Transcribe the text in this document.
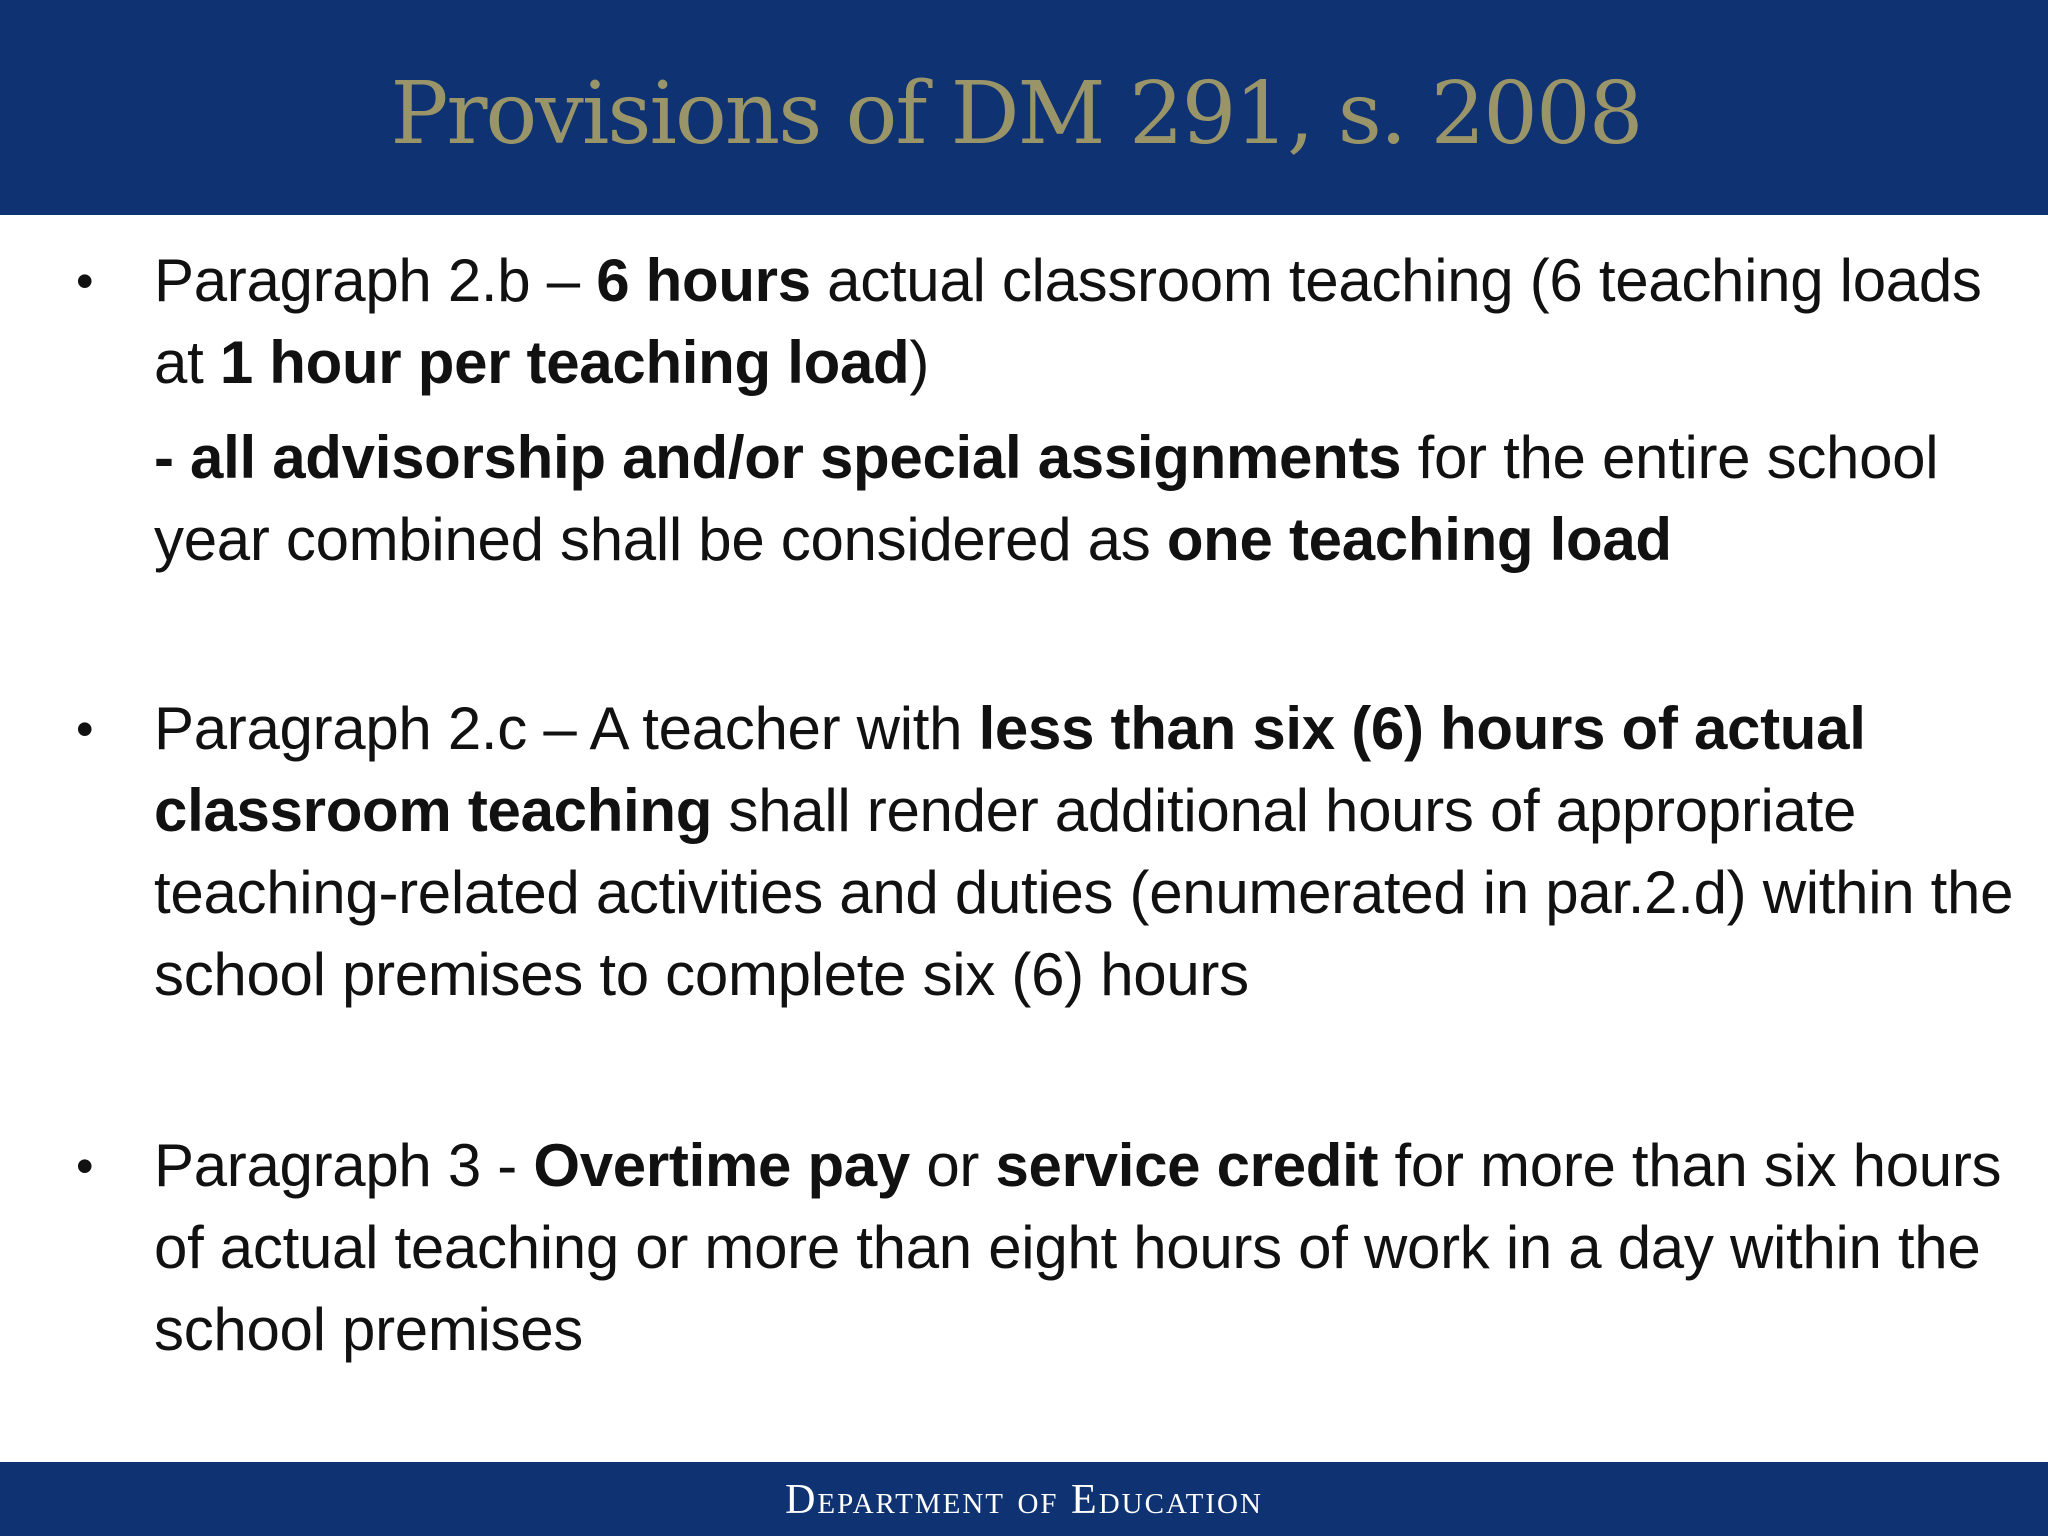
Provisions of DM 291, s. 2008
• Paragraph 2.b – 6 hours actual classroom teaching (6 teaching loads at 1 hour per teaching load)
- all advisorship and/or special assignments for the entire school year combined shall be considered as one teaching load
• Paragraph 2.c – A teacher with less than six (6) hours of actual classroom teaching shall render additional hours of appropriate teaching-related activities and duties (enumerated in par.2.d) within the school premises to complete six (6) hours
• Paragraph 3 - Overtime pay or service credit for more than six hours of actual teaching or more than eight hours of work in a day within the school premises
Department of Education
